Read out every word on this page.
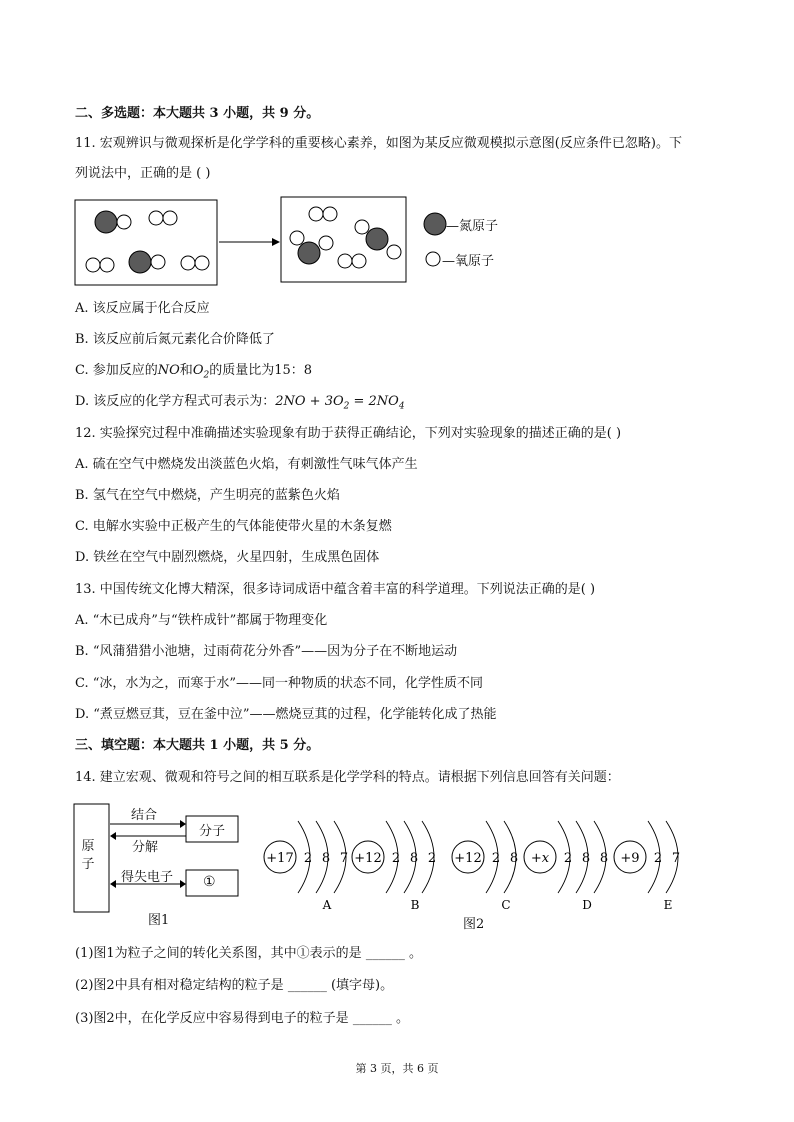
二、多选题：本大题共 3 小题，共 9 分。
11. 宏观辨识与微观探析是化学学科的重要核心素养，如图为某反应微观模拟示意图(反应条件已忽略)。下
列说法中，正确的是 ( )
—氮原子
—氧原子
A. 该反应属于化合反应
B. 该反应前后氮元素化合价降低了
C. 参加反应的NO和$O_2$的质量比为15：8
D. 该反应的化学方程式可表示为：$2NO + 3O_2 = 2NO_4$
12. 实验探究过程中准确描述实验现象有助于获得正确结论，下列对实验现象的描述正确的是( )
A. 硫在空气中燃烧发出淡蓝色火焰，有刺激性气味气体产生
B. 氢气在空气中燃烧，产生明亮的蓝紫色火焰
C. 电解水实验中正极产生的气体能使带火星的木条复燃
D. 铁丝在空气中剧烈燃烧，火星四射，生成黑色固体
13. 中国传统文化博大精深，很多诗词成语中蕴含着丰富的科学道理。下列说法正确的是( )
A. “木已成舟”与“铁杵成针”都属于物理变化
B. “风蒲猎猎小池塘，过雨荷花分外香”——因为分子在不断地运动
C. “冰，水为之，而寒于水”——同一种物质的状态不同，化学性质不同
D. “煮豆燃豆萁，豆在釜中泣”——燃烧豆萁的过程，化学能转化成了热能
三、填空题：本大题共 1 小题，共 5 分。
14. 建立宏观、微观和符号之间的相互联系是化学学科的特点。请根据下列信息回答有关问题：
原子
结合
分解
分子
得失电子 ①
图1
+17 2 8 7
A
+12 2 8 2
B
+12 2 8
C
+x 2 8 8
D
+9 2 7
E
图2
(1)图1为粒子之间的转化关系图，其中①表示的是 ______ 。
(2)图2中具有相对稳定结构的粒子是 ______ (填字母)。
(3)图2中，在化学反应中容易得到电子的粒子是 ______ 。
第 3 页，共 6 页
